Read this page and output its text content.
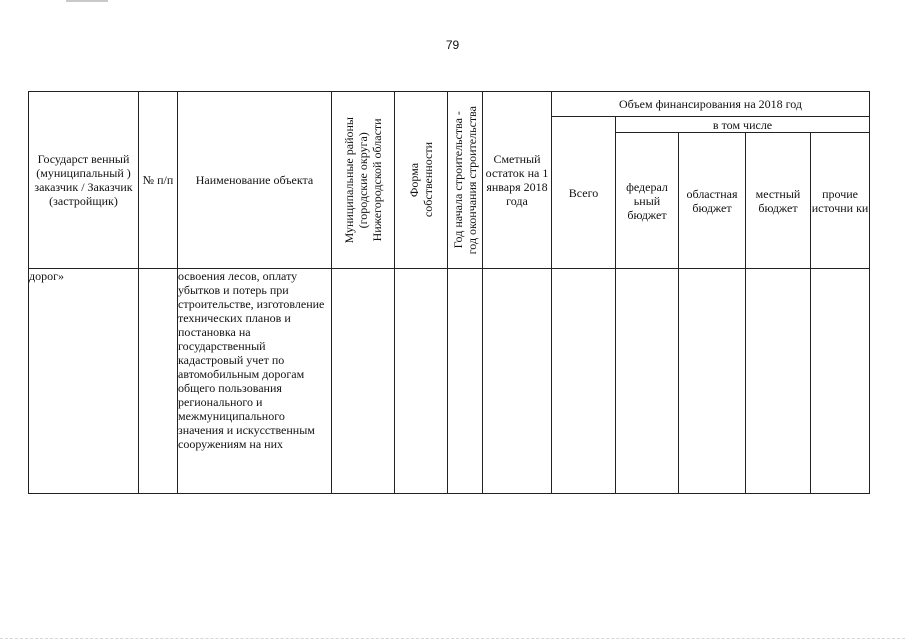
79
Государст венный (муниципальный ) заказчик / Заказчик (застройщик)	№ п/п	Наименование объекта	Муниципальные районы
(городские округа)
Нижегородской области	Форма
собственности	Год начала строительства -
год окончания строительства	Сметный остаток на 1 января 2018 года	Объем финансирования на 2018 год				
							Всего	в том числе			
								федерал ьный бюджет	областная бюджет	местный бюджет	прочие источни ки
дорог»		освоения лесов, оплату убытков и потерь при строительстве, изготовление технических планов и постановка на государственный кадастровый учет по автомобильным дорогам общего пользования регионального и межмуниципального значения и искусственным сооружениям на них									
